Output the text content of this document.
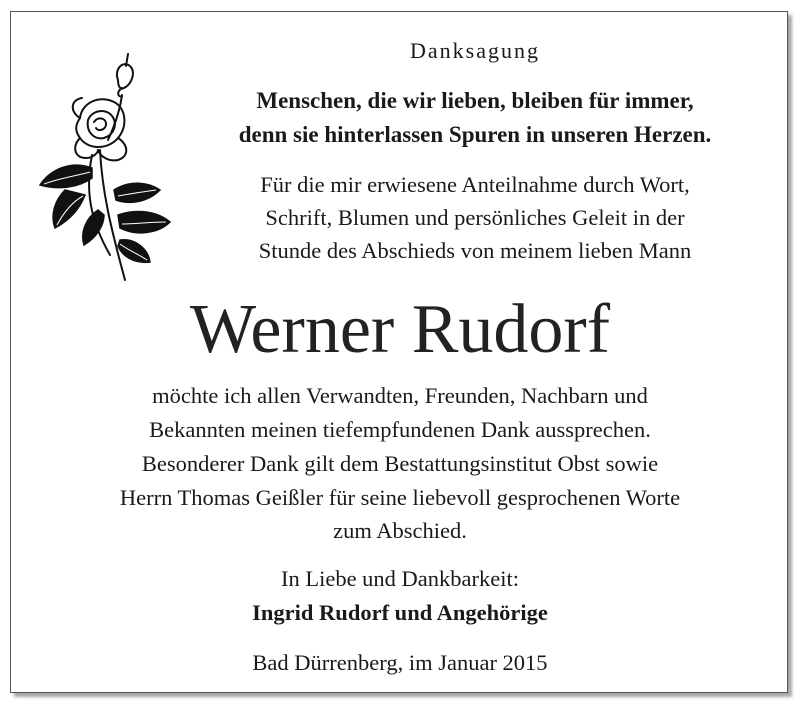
Danksagung
Menschen, die wir lieben, bleiben für immer,
denn sie hinterlassen Spuren in unseren Herzen.
Für die mir erwiesene Anteilnahme durch Wort,
Schrift, Blumen und persönliches Geleit in der
Stunde des Abschieds von meinem lieben Mann
Werner Rudorf
möchte ich allen Verwandten, Freunden, Nachbarn und
Bekannten meinen tiefempfundenen Dank aussprechen.
Besonderer Dank gilt dem Bestattungsinstitut Obst sowie
Herrn Thomas Geißler für seine liebevoll gesprochenen Worte
zum Abschied.
In Liebe und Dankbarkeit:
Ingrid Rudorf und Angehörige
Bad Dürrenberg, im Januar 2015
